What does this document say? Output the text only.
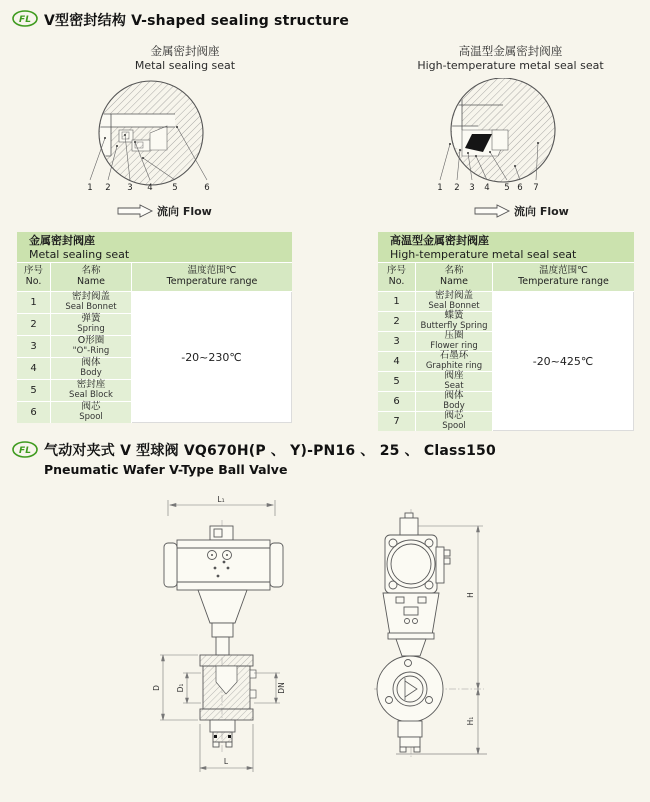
FL V型密封结构 V-shaped sealing structure
金属密封阀座
Metal sealing seat
高温型金属密封阀座
High-temperature metal seal seat
1 2 3 4 5	6
流向 Flow
1 2 3 4 5 6 7
流向 Flow
金属密封阀座
Metal sealing seat
序号
No.
名称
Name
温度范围℃
Temperature range
-20~230℃
1
密封阀盖
Seal Bonnet
2
弹簧
Spring
3
O形圈
"O"-Ring
4
阀体
Body
5
密封座
Seal Block
6
阀芯
Spool
高温型金属密封阀座
High-temperature metal seal seat
序号
No.
名称
Name
温度范围℃
Temperature range
-20~425℃
1
密封阀盖
Seal Bonnet
2
蝶簧
Butterfly Spring
3
压圈
Flower ring
4
石墨环
Graphite ring
5
阀座
Seat
6
阀体
Body
7
阀芯
Spool
FL 气动对夹式 V 型球阀 VQ670H(P 、 Y)-PN16 、 25 、 Class150
Pneumatic Wafer V-Type Ball Valve
L₁
D D₁	DN
L
H
H₁
